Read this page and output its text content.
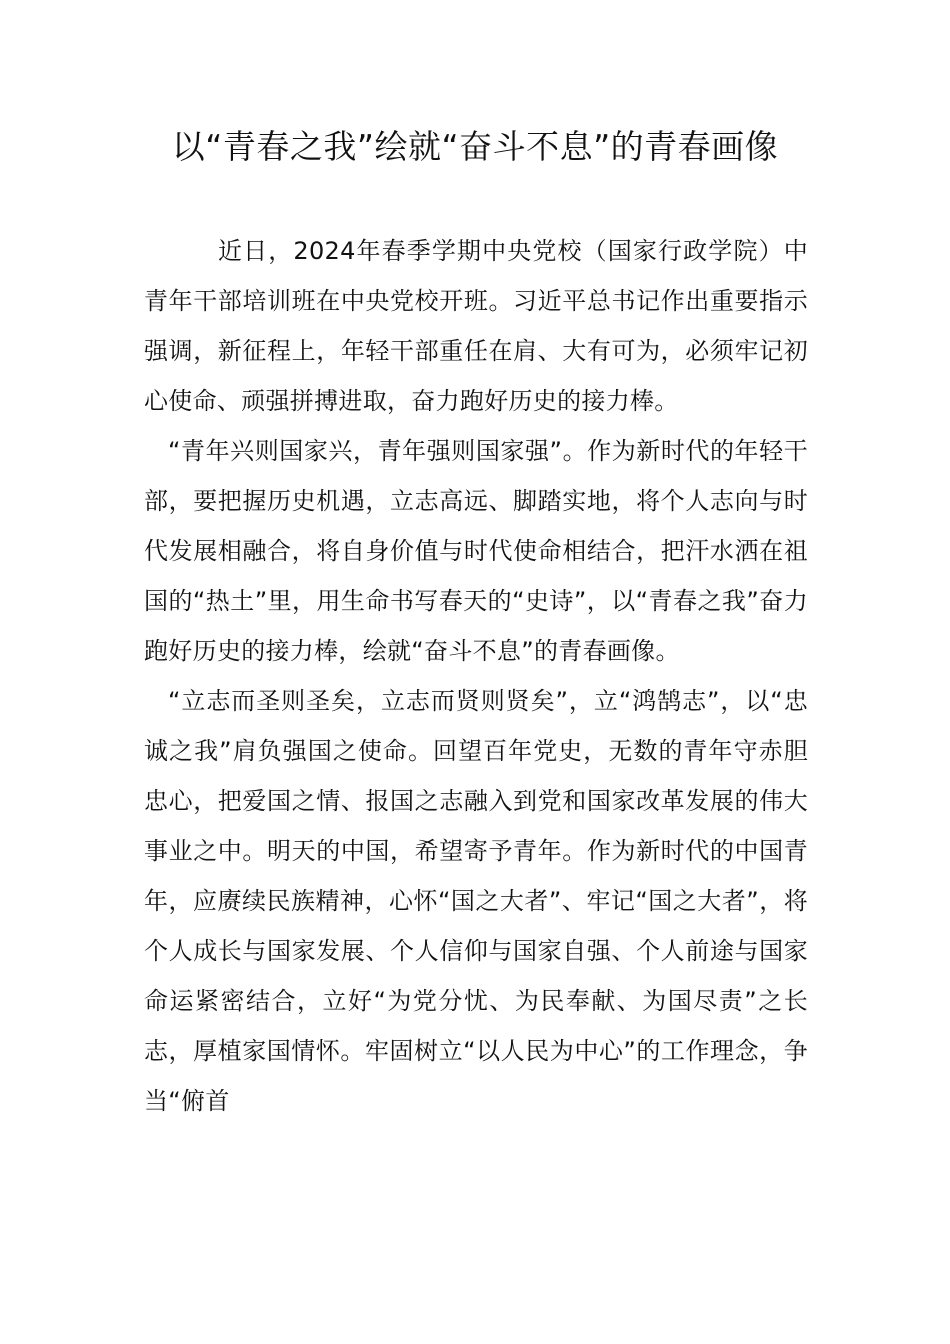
以“青春之我”绘就“奋斗不息”的青春画像

近日，2024年春季学期中央党校（国家行政学院）中青年干部培训班在中央党校开班。习近平总书记作出重要指示强调，新征程上，年轻干部重任在肩、大有可为，必须牢记初心使命、顽强拼搏进取，奋力跑好历史的接力棒。

“青年兴则国家兴，青年强则国家强”。作为新时代的年轻干部，要把握历史机遇，立志高远、脚踏实地，将个人志向与时代发展相融合，将自身价值与时代使命相结合，把汗水洒在祖国的“热土”里，用生命书写春天的“史诗”，以“青春之我”奋力跑好历史的接力棒，绘就“奋斗不息”的青春画像。

“立志而圣则圣矣，立志而贤则贤矣”，立“鸿鹄志”，以“忠诚之我”肩负强国之使命。回望百年党史，无数的青年守赤胆忠心，把爱国之情、报国之志融入到党和国家改革发展的伟大事业之中。明天的中国，希望寄予青年。作为新时代的中国青年，应赓续民族精神，心怀“国之大者”、牢记“国之大者”，将个人成长与国家发展、个人信仰与国家自强、个人前途与国家命运紧密结合，立好“为党分忧、为民奉献、为国尽责”之长志，厚植家国情怀。牢固树立“以人民为中心”的工作理念，争当“俯首
